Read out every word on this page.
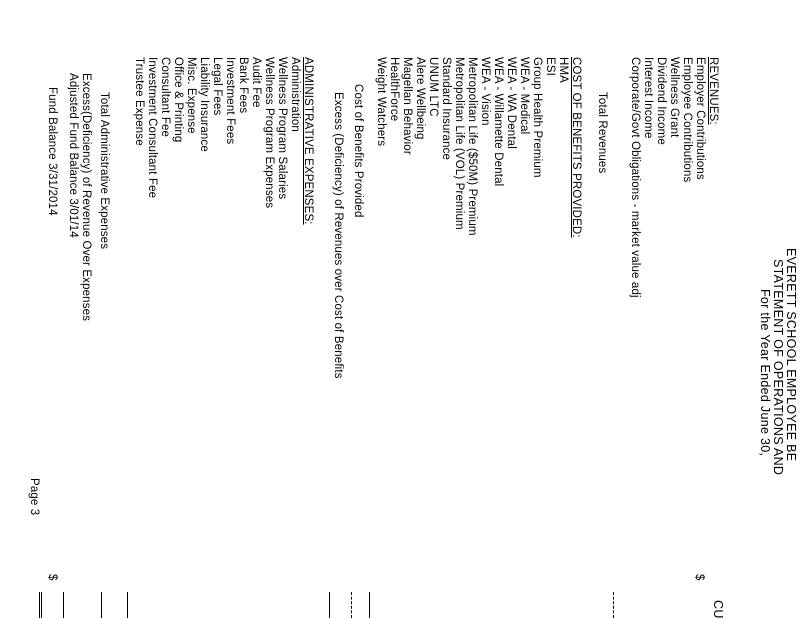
EVERETT SCHOOL EMPLOYEE BE
STATEMENT OF OPERATIONS AND
For the Year Ended June 30,
CU
REVENUES:
Employer Contributions
Employee Contributions
Wellness Grant
Dividend Income
Interest Income
Corporate/Govt Obligations - market value adj
$
Total Revenues
COST OF BENEFITS PROVIDED:
HMA
ESI
Group Health Premium
WEA - Medical
WEA - WA Dental
WEA - Willamette Dental
WEA - Vision
Metropolitan Life ($50M) Premium
Metropolitan Life (VOL) Premium
Standard Insurance
UNUM LTC
Alere Wellbeing
Magellan Behavior
HealthForce
Weight Watchers
Cost of Benefits Provided
Excess (Deficiency) of Revenues over Cost of Benefits
ADMINISTRATIVE EXPENSES:
Administration
Wellness Program Salaries
Wellness Program Expenses
Audit Fee
Bank Fees
Investment Fees
Legal Fees
Liability Insurance
Misc. Expense
Office & Printing
Consultant Fee
Investment Consultant Fee
Trustee Expense
Total Administrative Expenses
Excess(Deficiency) of Revenue Over Expenses
Adjusted Fund Balance 3/01/14
Fund Balance 3/31/2014
$
Page 3
